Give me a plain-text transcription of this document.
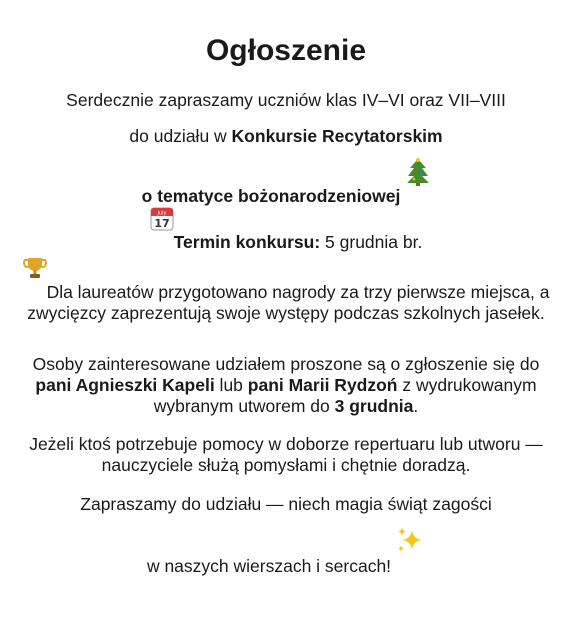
Ogłoszenie

Serdecznie zapraszamy uczniów klas IV–VI oraz VII–VIII

do udziału w Konkursie Recytatorskim

o tematyce bożonarodzeniowej

July
17
Termin konkursu: 5 grudnia br.

Dla laureatów przygotowano nagrody za trzy pierwsze miejsca, a zwycięzcy zaprezentują swoje występy podczas szkolnych jasełek.

Osoby zainteresowane udziałem proszone są o zgłoszenie się do pani Agnieszki Kapeli lub pani Marii Rydzoń z wydrukowanym wybranym utworem do 3 grudnia.

Jeżeli ktoś potrzebuje pomocy w doborze repertuaru lub utworu — nauczyciele służą pomysłami i chętnie doradzą.

Zapraszamy do udziału — niech magia świąt zagości

w naszych wierszach i sercach!
